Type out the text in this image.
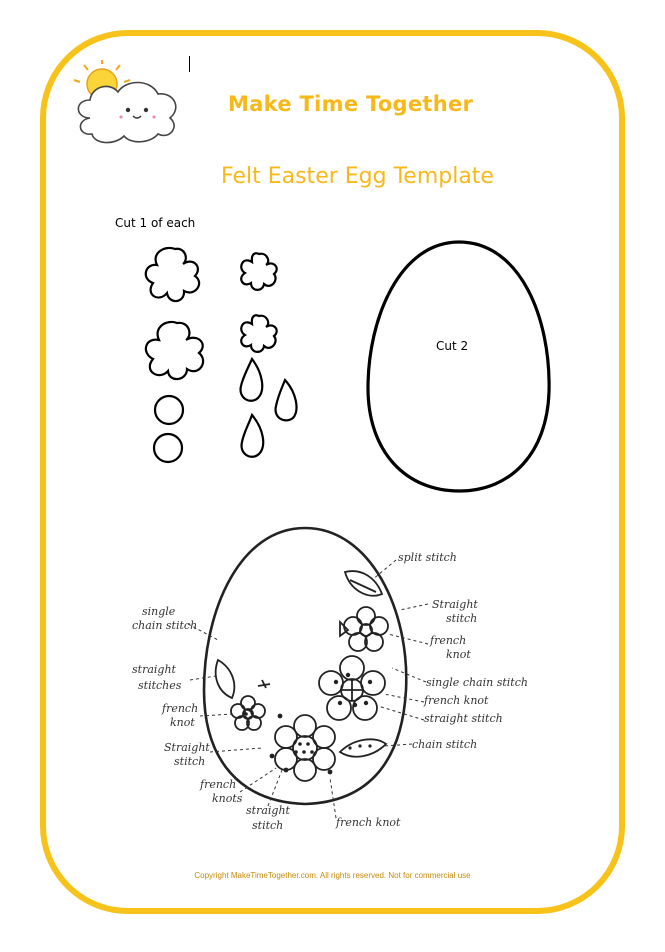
Make Time Together
Felt Easter Egg Template
Cut 1 of each
Cut 2
split stitch
Straight
stitch
french
knot
single chain stitch
french knot
straight stitch
chain stitch
single
chain stitch
straight
stitches
french
knot
Straight
stitch
french
knots
straight
stitch	french knot
Copyright MakeTimeTogether.com. All rights reserved. Not for commercial use
